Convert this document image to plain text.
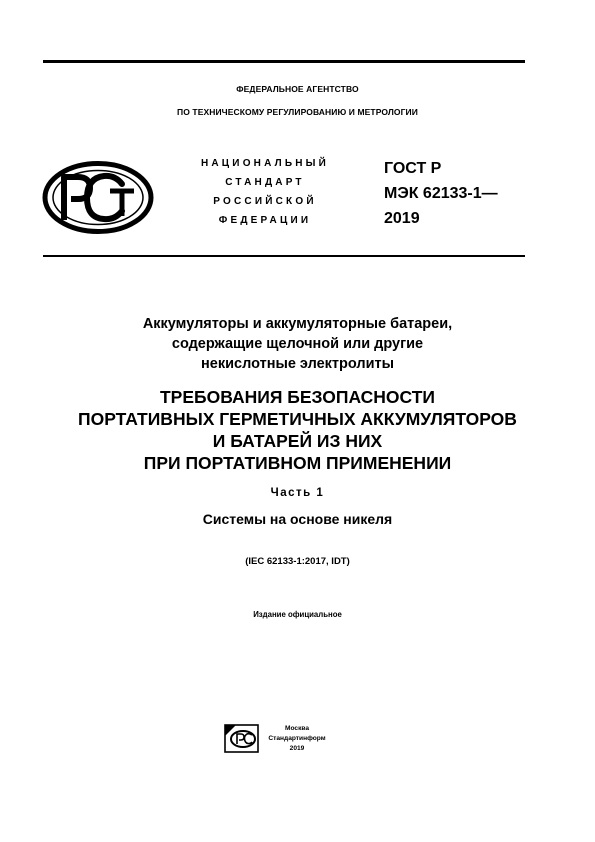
ФЕДЕРАЛЬНОЕ АГЕНТСТВО
ПО ТЕХНИЧЕСКОМУ РЕГУЛИРОВАНИЮ И МЕТРОЛОГИИ
НАЦИОНАЛЬНЫЙ
СТАНДАРТ
РОССИЙСКОЙ
ФЕДЕРАЦИИ
ГОСТ Р
МЭК 62133-1—
2019
Аккумуляторы и аккумуляторные батареи,
содержащие щелочной или другие
некислотные электролиты
ТРЕБОВАНИЯ БЕЗОПАСНОСТИ
ПОРТАТИВНЫХ ГЕРМЕТИЧНЫХ АККУМУЛЯТОРОВ
И БАТАРЕЙ ИЗ НИХ
ПРИ ПОРТАТИВНОМ ПРИМЕНЕНИИ
Часть 1
Системы на основе никеля
(IEC 62133-1:2017, IDT)
Издание официальное
Москва
Стандартинформ
2019
